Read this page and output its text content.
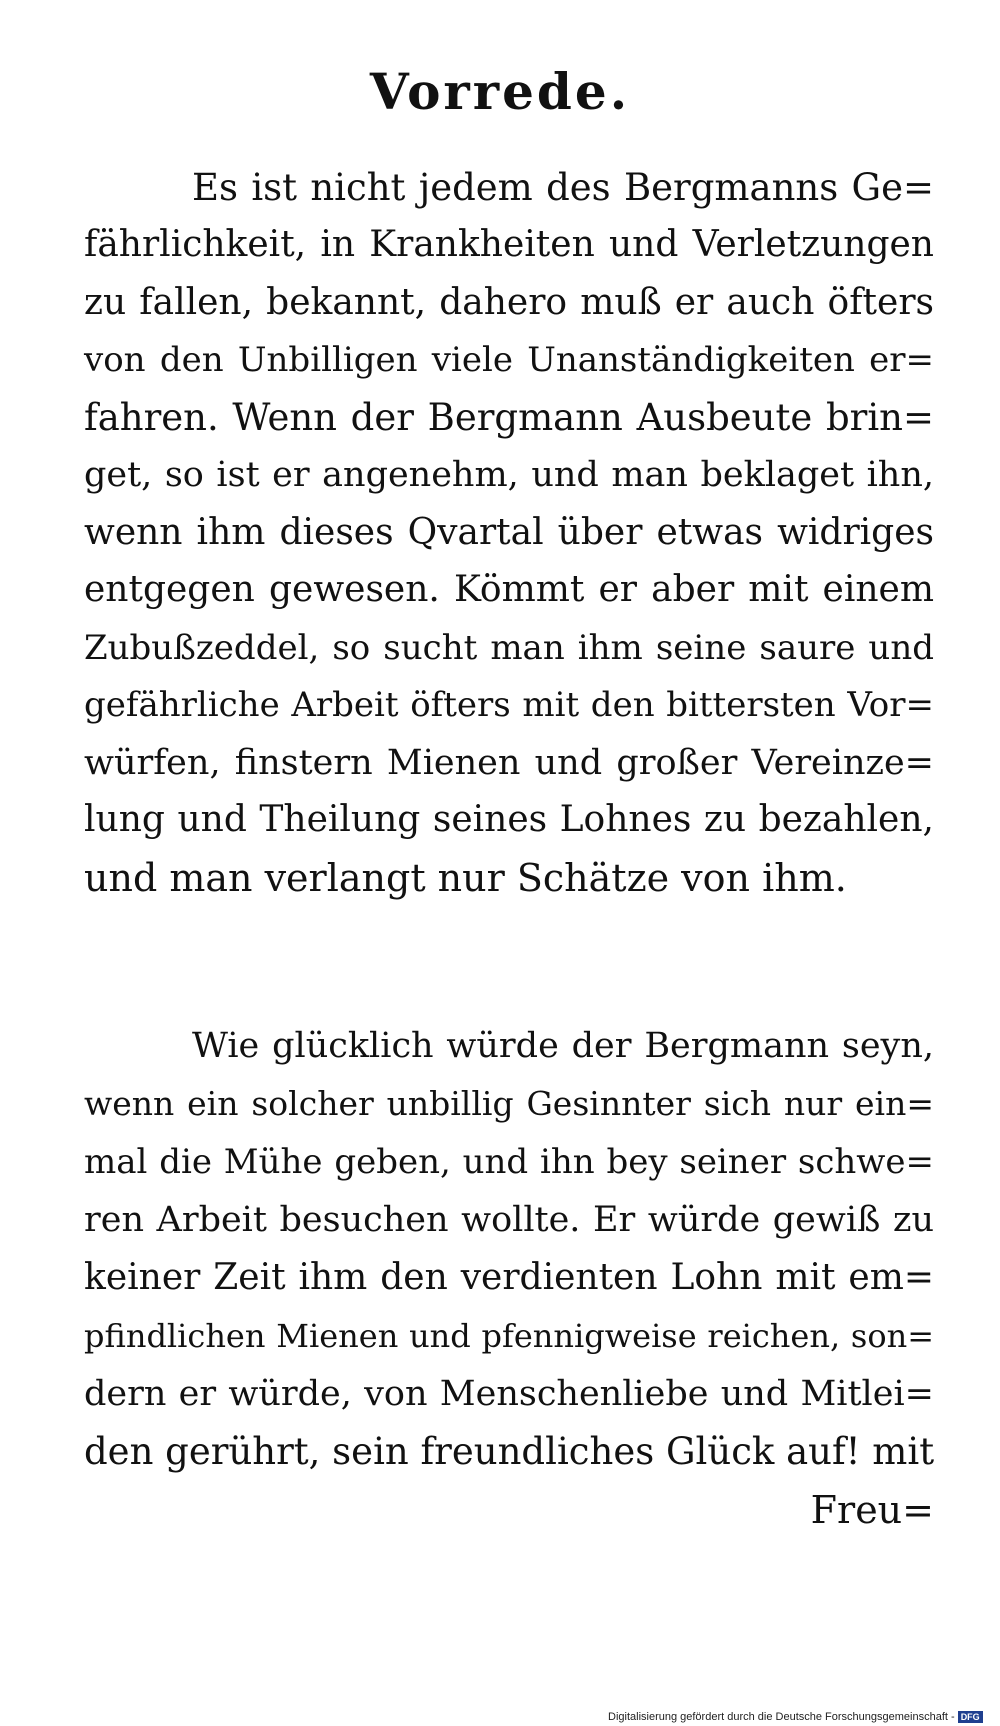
Vorrede.
Es ist nicht jedem des Bergmanns Ge=
fährlichkeit, in Krankheiten und Verletzungen
zu fallen, bekannt, dahero muß er auch öfters
von den Unbilligen viele Unanständigkeiten er=
fahren. Wenn der Bergmann Ausbeute brin=
get, so ist er angenehm, und man beklaget ihn,
wenn ihm dieses Qvartal über etwas widriges
entgegen gewesen. Kömmt er aber mit einem
Zubußzeddel, so sucht man ihm seine saure und
gefährliche Arbeit öfters mit den bittersten Vor=
würfen, finstern Mienen und großer Vereinze=
lung und Theilung seines Lohnes zu bezahlen,
und man verlangt nur Schätze von ihm.
Wie glücklich würde der Bergmann seyn,
wenn ein solcher unbillig Gesinnter sich nur ein=
mal die Mühe geben, und ihn bey seiner schwe=
ren Arbeit besuchen wollte. Er würde gewiß zu
keiner Zeit ihm den verdienten Lohn mit em=
pfindlichen Mienen und pfennigweise reichen, son=
dern er würde, von Menschenliebe und Mitlei=
den gerührt, sein freundliches Glück auf! mit
Freu=
Digitalisierung gefördert durch die Deutsche Forschungsgemeinschaft - DFG
